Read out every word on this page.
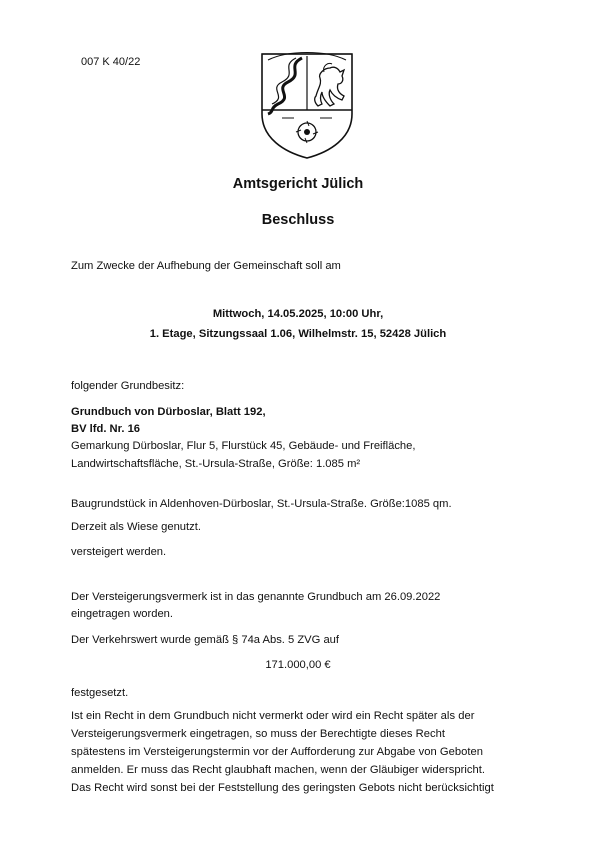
007 K 40/22
Amtsgericht Jülich
Beschluss
Zum Zwecke der Aufhebung der Gemeinschaft soll am
Mittwoch, 14.05.2025, 10:00 Uhr,
1. Etage, Sitzungssaal 1.06, Wilhelmstr. 15, 52428 Jülich
folgender Grundbesitz:
Grundbuch von Dürboslar, Blatt 192,
BV lfd. Nr. 16
Gemarkung Dürboslar, Flur 5, Flurstück 45, Gebäude- und Freifläche,
Landwirtschaftsfläche, St.-Ursula-Straße, Größe: 1.085 m²
Baugrundstück in Aldenhoven-Dürboslar, St.-Ursula-Straße. Größe:1085 qm.
Derzeit als Wiese genutzt.
versteigert werden.
Der Versteigerungsvermerk ist in das genannte Grundbuch am 26.09.2022
eingetragen worden.
Der Verkehrswert wurde gemäß § 74a Abs. 5 ZVG auf
171.000,00 €
festgesetzt.
Ist ein Recht in dem Grundbuch nicht vermerkt oder wird ein Recht später als der
Versteigerungsvermerk eingetragen, so muss der Berechtigte dieses Recht
spätestens im Versteigerungstermin vor der Aufforderung zur Abgabe von Geboten
anmelden. Er muss das Recht glaubhaft machen, wenn der Gläubiger widerspricht.
Das Recht wird sonst bei der Feststellung des geringsten Gebots nicht berücksichtigt
